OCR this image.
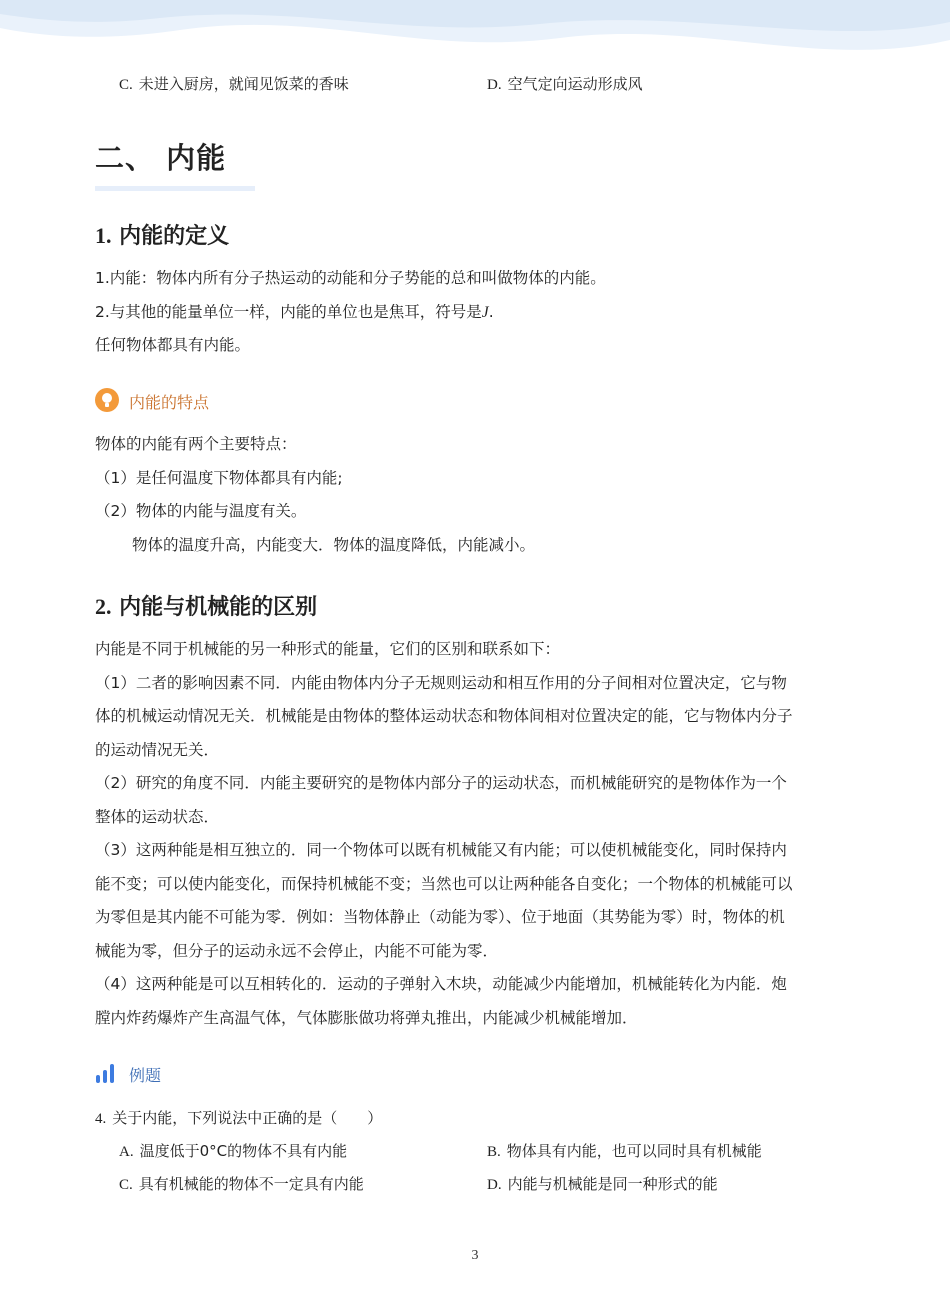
C. 未进入厨房，就闻见饭菜的香味	D. 空气定向运动形成风
二、 内能
1. 内能的定义
1.内能：物体内所有分子热运动的动能和分子势能的总和叫做物体的内能。
2.与其他的能量单位一样，内能的单位也是焦耳，符号是J.
任何物体都具有内能。
内能的特点
物体的内能有两个主要特点：
（1）是任何温度下物体都具有内能;
（2）物体的内能与温度有关。
物体的温度升高，内能变大．物体的温度降低，内能减小。
2. 内能与机械能的区别
内能是不同于机械能的另一种形式的能量，它们的区别和联系如下：
（1）二者的影响因素不同．内能由物体内分子无规则运动和相互作用的分子间相对位置决定，它与物
体的机械运动情况无关．机械能是由物体的整体运动状态和物体间相对位置决定的能，它与物体内分子
的运动情况无关．
（2）研究的角度不同．内能主要研究的是物体内部分子的运动状态，而机械能研究的是物体作为一个
整体的运动状态．
（3）这两种能是相互独立的．同一个物体可以既有机械能又有内能；可以使机械能变化，同时保持内
能不变；可以使内能变化，而保持机械能不变；当然也可以让两种能各自变化；一个物体的机械能可以
为零但是其内能不可能为零．例如：当物体静止（动能为零）、位于地面（其势能为零）时，物体的机
械能为零，但分子的运动永远不会停止，内能不可能为零．
（4）这两种能是可以互相转化的．运动的子弹射入木块，动能减少内能增加，机械能转化为内能．炮
膛内炸药爆炸产生高温气体，气体膨胀做功将弹丸推出，内能减少机械能增加．
例题
4. 关于内能，下列说法中正确的是（　　）
A. 温度低于0°C的物体不具有内能	B. 物体具有内能，也可以同时具有机械能
C. 具有机械能的物体不一定具有内能	D. 内能与机械能是同一种形式的能
3
